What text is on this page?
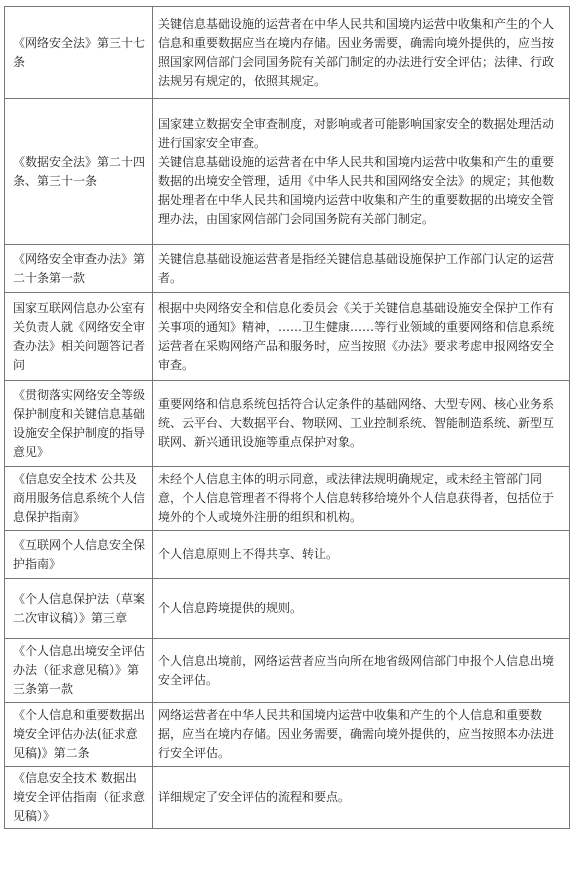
《网络安全法》第三十七条	关键信息基础设施的运营者在中华人民共和国境内运营中收集和产生的个人信息和重要数据应当在境内存储。因业务需要，确需向境外提供的，应当按照国家网信部门会同国务院有关部门制定的办法进行安全评估；法律、行政法规另有规定的，依照其规定。

《数据安全法》第二十四条、第三十一条	国家建立数据安全审查制度，对影响或者可能影响国家安全的数据处理活动进行国家安全审查。
关键信息基础设施的运营者在中华人民共和国境内运营中收集和产生的重要数据的出境安全管理，适用《中华人民共和国网络安全法》的规定；其他数据处理者在中华人民共和国境内运营中收集和产生的重要数据的出境安全管理办法，由国家网信部门会同国务院有关部门制定。

《网络安全审查办法》第二十条第一款	关键信息基础设施运营者是指经关键信息基础设施保护工作部门认定的运营者。

国家互联网信息办公室有关负责人就《网络安全审查办法》相关问题答记者问	根据中央网络安全和信息化委员会《关于关键信息基础设施安全保护工作有关事项的通知》精神，……卫生健康……等行业领域的重要网络和信息系统运营者在采购网络产品和服务时，应当按照《办法》要求考虑申报网络安全审查。

《贯彻落实网络安全等级保护制度和关键信息基础设施安全保护制度的指导意见》	重要网络和信息系统包括符合认定条件的基础网络、大型专网、核心业务系统、云平台、大数据平台、物联网、工业控制系统、智能制造系统、新型互联网、新兴通讯设施等重点保护对象。

《信息安全技术 公共及商用服务信息系统个人信息保护指南》	未经个人信息主体的明示同意，或法律法规明确规定，或未经主管部门同意，个人信息管理者不得将个人信息转移给境外个人信息获得者，包括位于境外的个人或境外注册的组织和机构。

《互联网个人信息安全保护指南》	个人信息原则上不得共享、转让。

《个人信息保护法（草案二次审议稿）》第三章	个人信息跨境提供的规则。

《个人信息出境安全评估办法（征求意见稿）》第三条第一款	个人信息出境前，网络运营者应当向所在地省级网信部门申报个人信息出境安全评估。

《个人信息和重要数据出境安全评估办法(征求意见稿)》第二条	网络运营者在中华人民共和国境内运营中收集和产生的个人信息和重要数据，应当在境内存储。因业务需要，确需向境外提供的，应当按照本办法进行安全评估。

《信息安全技术 数据出境安全评估指南（征求意见稿）》	详细规定了安全评估的流程和要点。
